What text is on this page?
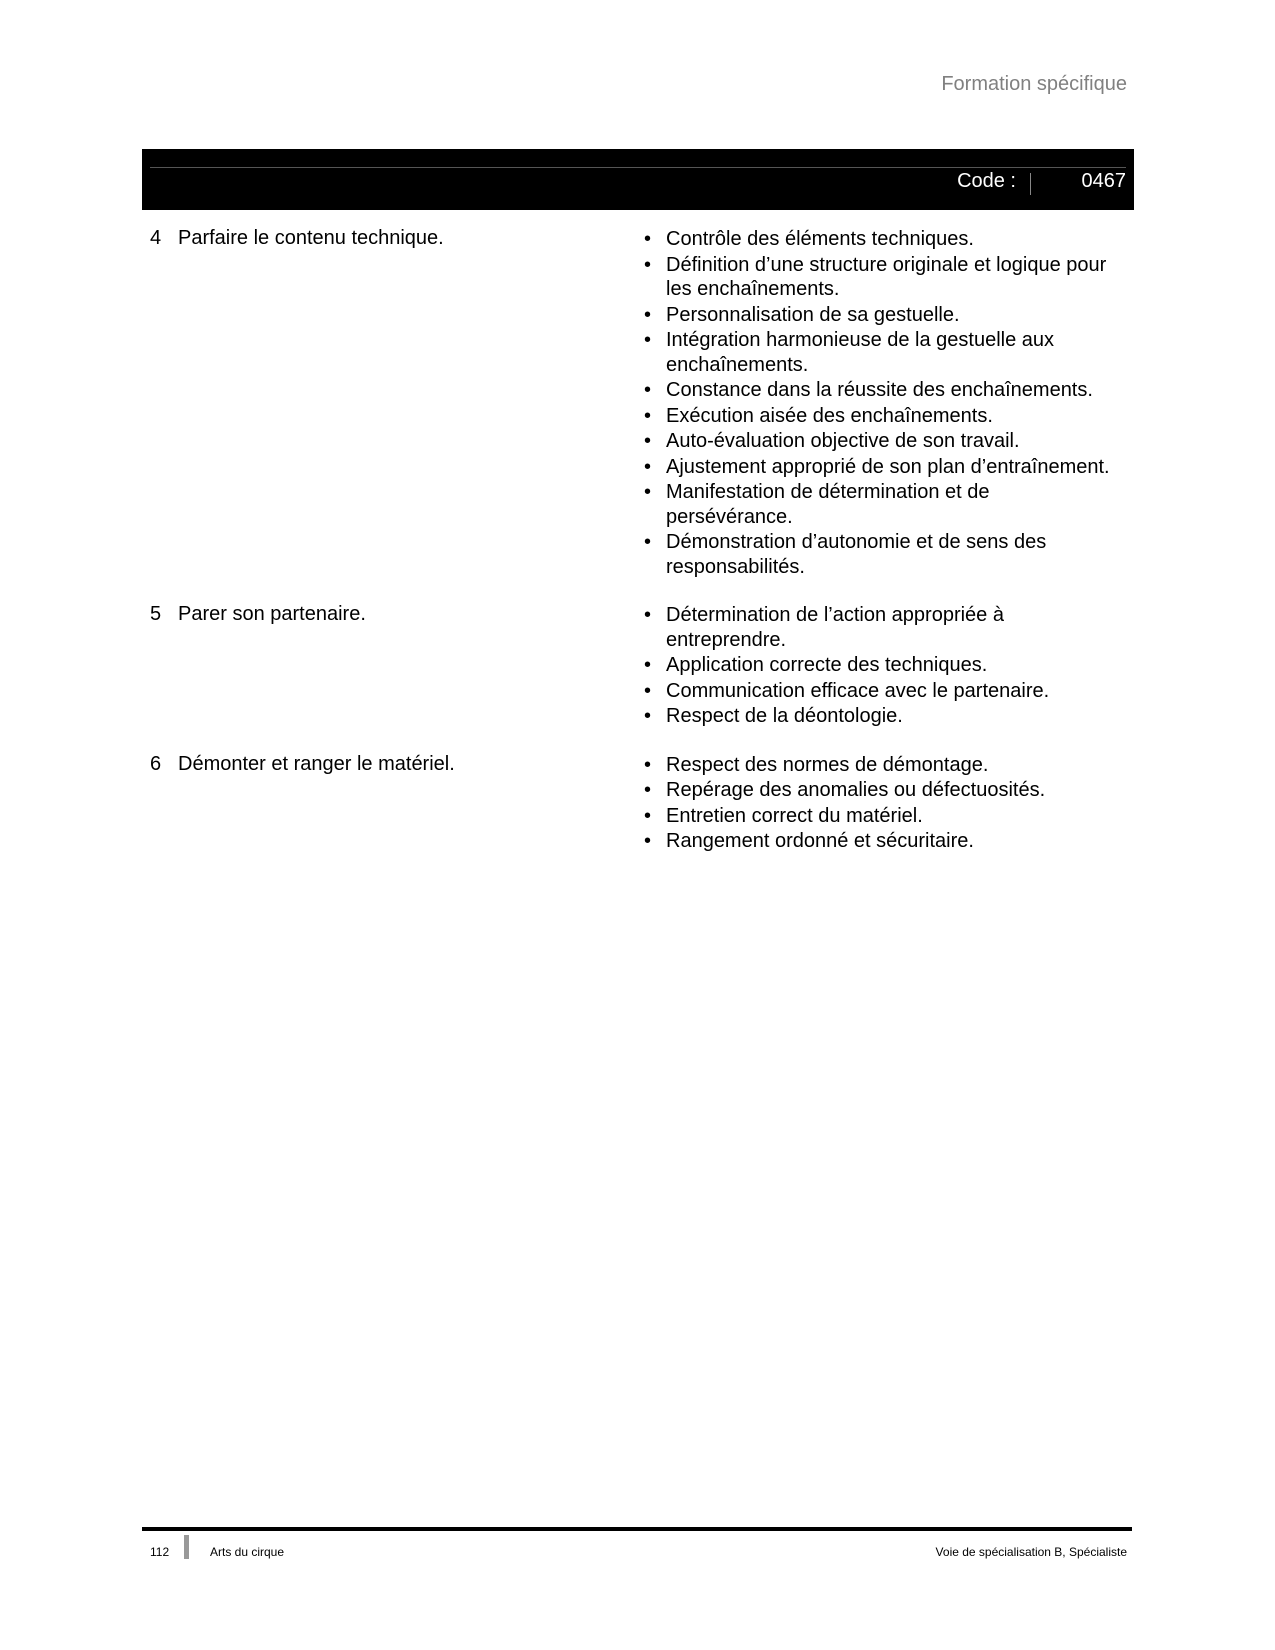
Formation spécifique
Code :	0467
4 Parfaire le contenu technique.	• Contrôle des éléments techniques.
• Définition d’une structure originale et logique pour les enchaînements.
• Personnalisation de sa gestuelle.
• Intégration harmonieuse de la gestuelle aux enchaînements.
• Constance dans la réussite des enchaînements.
• Exécution aisée des enchaînements.
• Auto-évaluation objective de son travail.
• Ajustement approprié de son plan d’entraînement.
• Manifestation de détermination et de persévérance.
• Démonstration d’autonomie et de sens des responsabilités.
5 Parer son partenaire.	• Détermination de l’action appropriée à entreprendre.
• Application correcte des techniques.
• Communication efficace avec le partenaire.
• Respect de la déontologie.
6 Démonter et ranger le matériel.	• Respect des normes de démontage.
• Repérage des anomalies ou défectuosités.
• Entretien correct du matériel.
• Rangement ordonné et sécuritaire.
112	Arts du cirque	Voie de spécialisation B, Spécialiste
